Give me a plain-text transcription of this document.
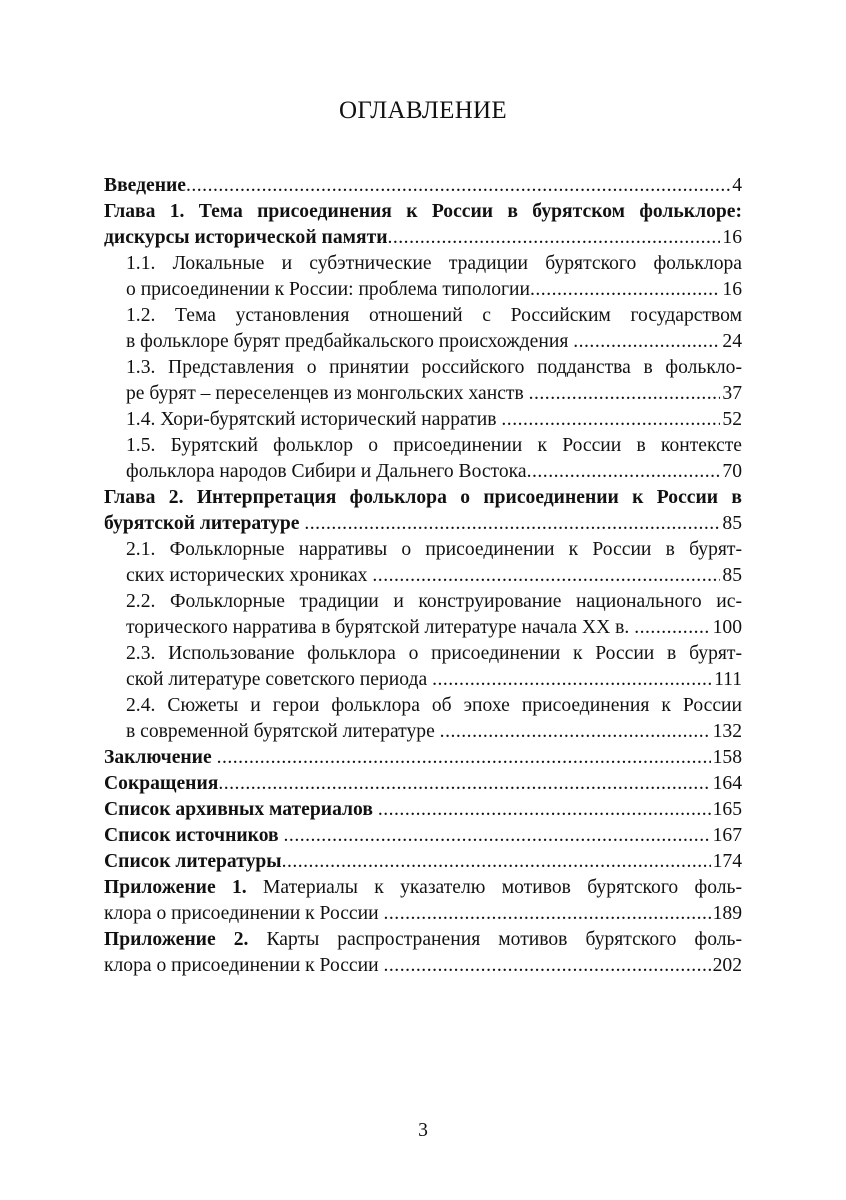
ОГЛАВЛЕНИЕ
Введение .....	4
Глава 1. Тема присоединения к России в бурятском фольклоре:
дискурсы исторической памяти .....	16
1.1. Локальные и субэтнические традиции бурятского фольклора
о присоединении к России: проблема типологии .....	16
1.2. Тема установления отношений с Российским государством
в фольклоре бурят предбайкальского происхождения .....	24
1.3. Представления о принятии российского подданства в фолькло-
ре бурят – переселенцев из монгольских ханств .....	37
1.4. Хори-бурятский исторический нарратив .....	52
1.5. Бурятский фольклор о присоединении к России в контексте
фольклора народов Сибири и Дальнего Востока .....	70
Глава 2. Интерпретация фольклора о присоединении к России в
бурятской литературе .....	85
2.1. Фольклорные нарративы о присоединении к России в бурят-
ских исторических хрониках .....	85
2.2. Фольклорные традиции и конструирование национального ис-
торического нарратива в бурятской литературе начала XX в. .....	100
2.3. Использование фольклора о присоединении к России в бурят-
ской литературе советского периода .....	111
2.4. Сюжеты и герои фольклора об эпохе присоединения к России
в современной бурятской литературе .....	132
Заключение .....	158
Сокращения .....	164
Список архивных материалов .....	165
Список источников .....	167
Список литературы .....	174
Приложение 1. Материалы к указателю мотивов бурятского фоль-
клора о присоединении к России .....	189
Приложение 2. Карты распространения мотивов бурятского фоль-
клора о присоединении к России .....	202
3
